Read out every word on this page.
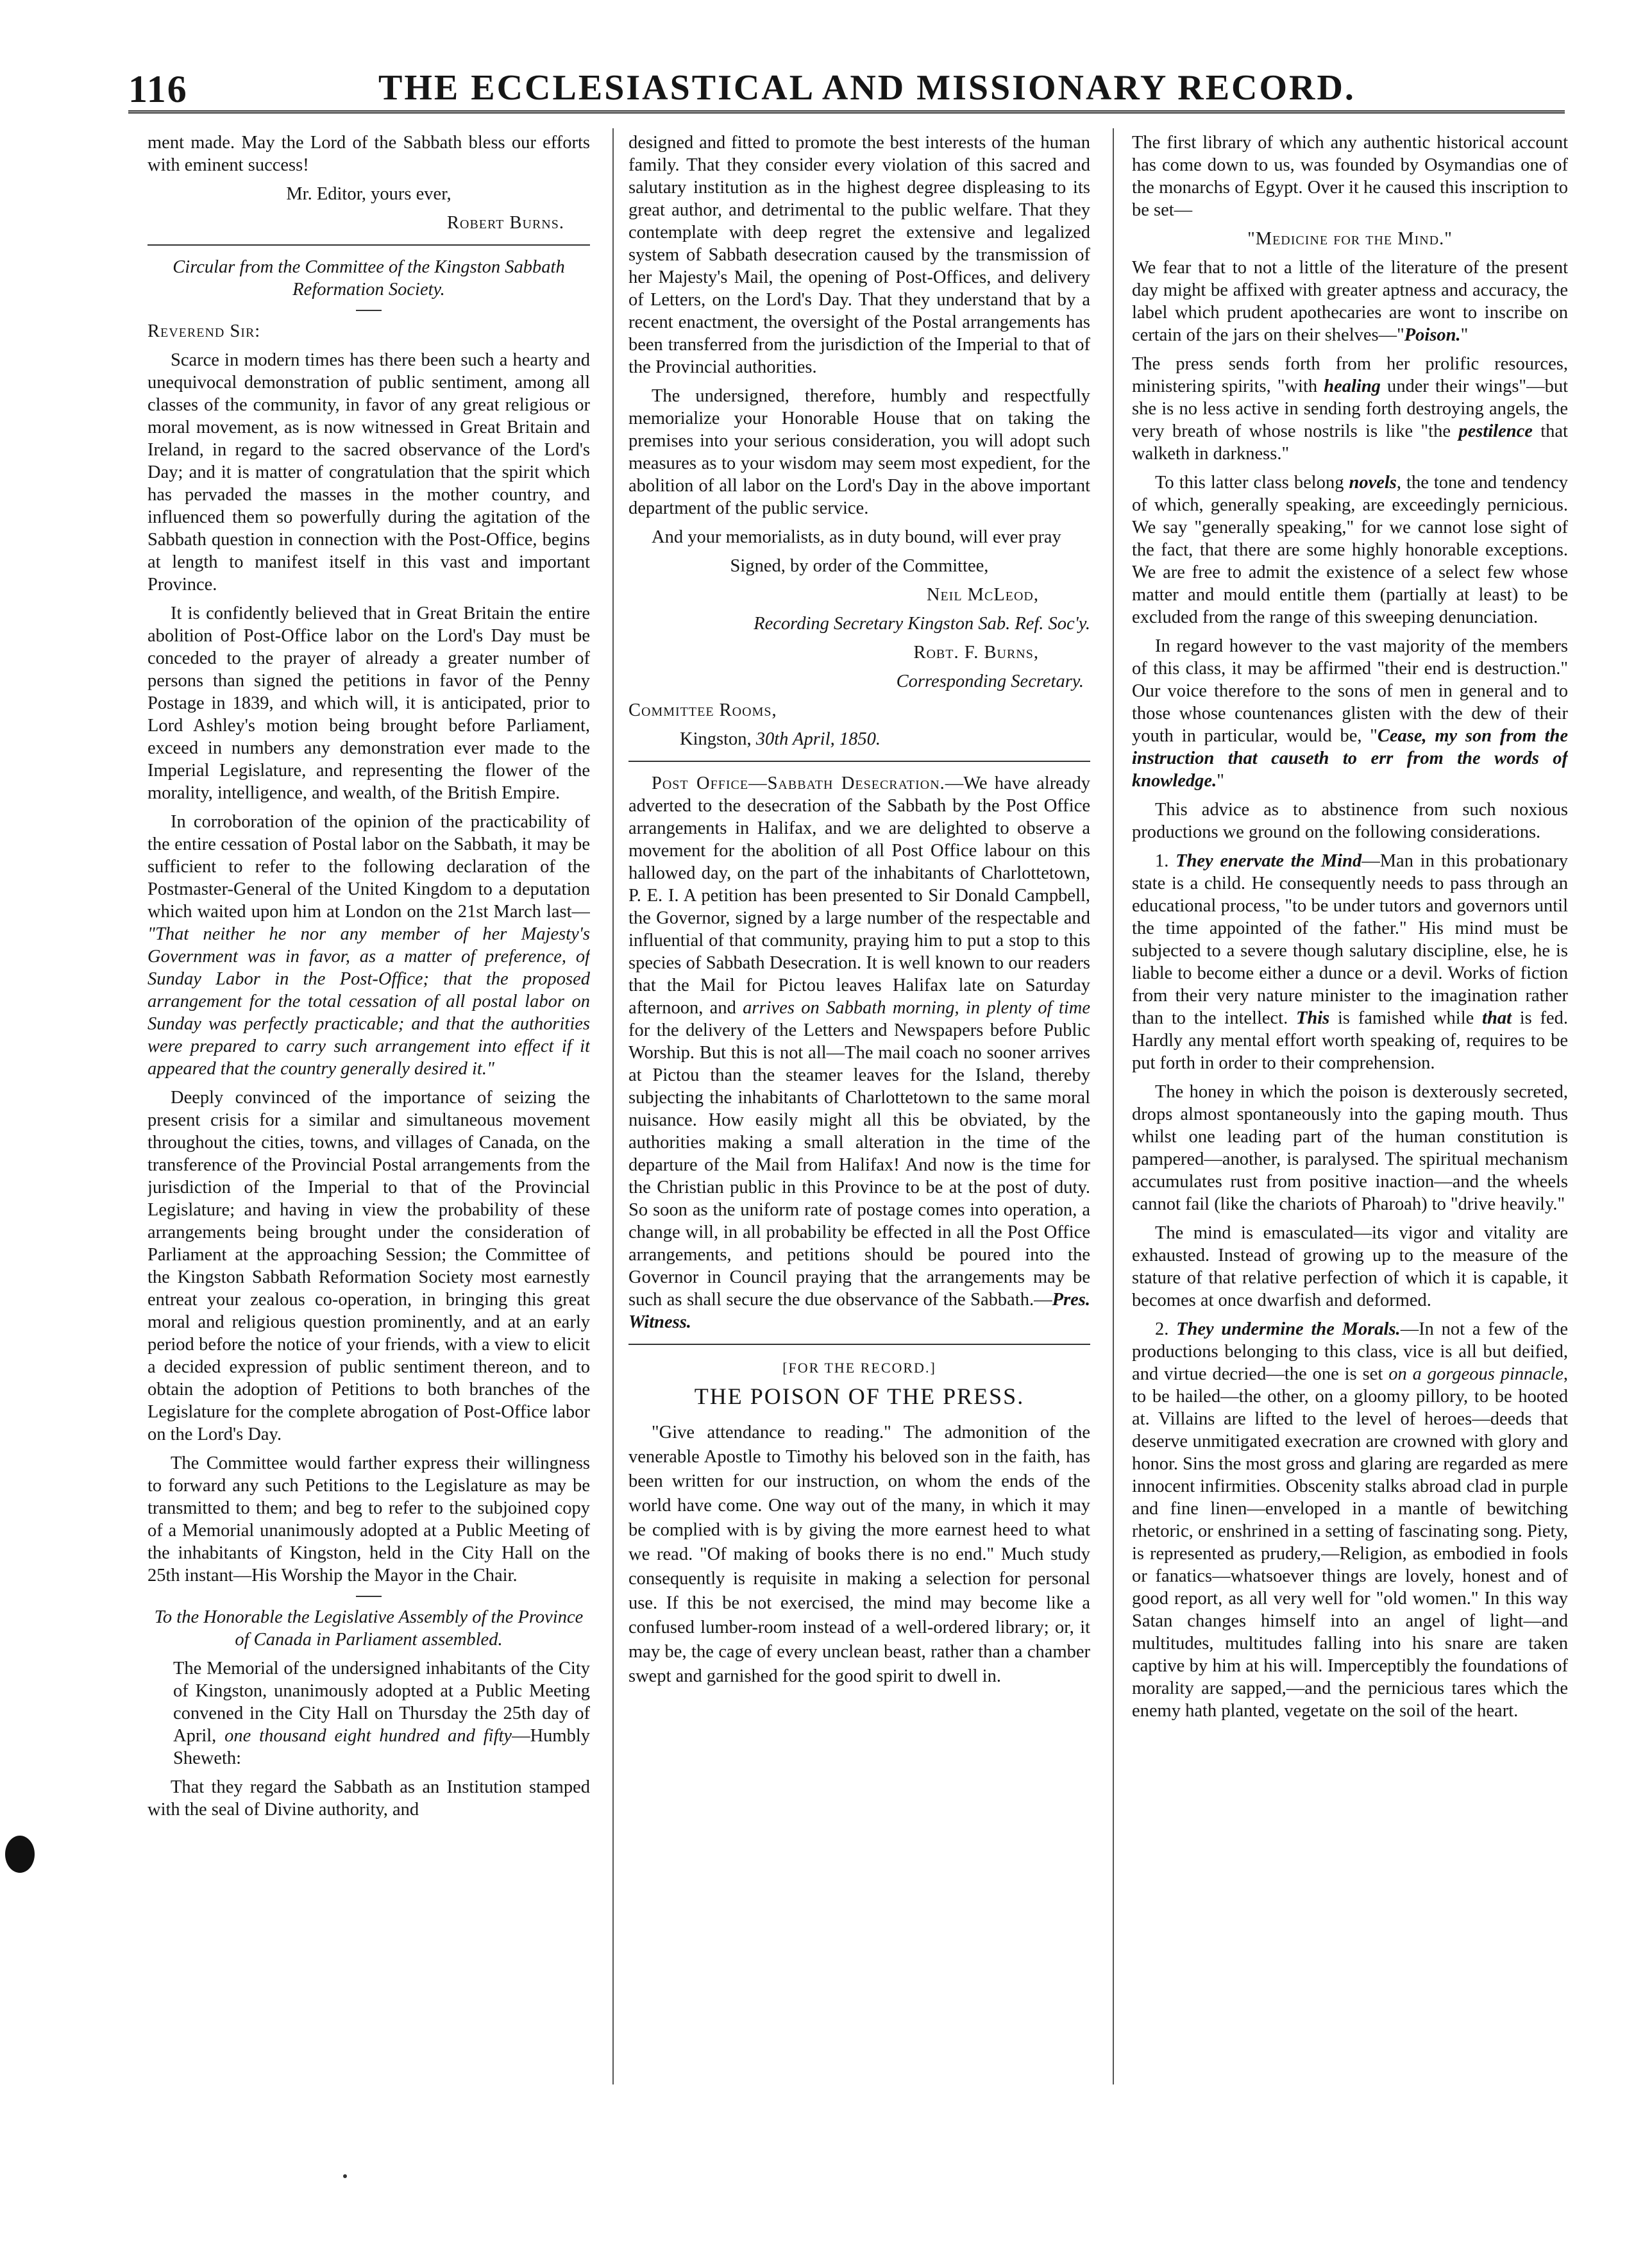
116	THE ECCLESIASTICAL AND MISSIONARY RECORD.

ment made. May the Lord of the Sabbath bless our efforts with eminent success!

Mr. Editor, yours ever,

Robert Burns.

Circular from the Committee of the Kingston Sabbath Reformation Society.

Reverend Sir:

Scarce in modern times has there been such a hearty and unequivocal demonstration of public sentiment, among all classes of the community, in favor of any great religious or moral movement, as is now witnessed in Great Britain and Ireland, in regard to the sacred observance of the Lord's Day; and it is matter of congratulation that the spirit which has pervaded the masses in the mother country, and influenced them so powerfully during the agitation of the Sabbath question in connection with the Post-Office, begins at length to manifest itself in this vast and important Province.

It is confidently believed that in Great Britain the entire abolition of Post-Office labor on the Lord's Day must be conceded to the prayer of already a greater number of persons than signed the petitions in favor of the Penny Postage in 1839, and which will, it is anticipated, prior to Lord Ashley's motion being brought before Parliament, exceed in numbers any demonstration ever made to the Imperial Legislature, and representing the flower of the morality, intelligence, and wealth, of the British Empire.

In corroboration of the opinion of the practicability of the entire cessation of Postal labor on the Sabbath, it may be sufficient to refer to the following declaration of the Postmaster-General of the United Kingdom to a deputation which waited upon him at London on the 21st March last— "That neither he nor any member of her Majesty's Government was in favor, as a matter of preference, of Sunday Labor in the Post-Office; that the proposed arrangement for the total cessation of all postal labor on Sunday was perfectly practicable; and that the authorities were prepared to carry such arrangement into effect if it appeared that the country generally desired it."

Deeply convinced of the importance of seizing the present crisis for a similar and simultaneous movement throughout the cities, towns, and villages of Canada, on the transference of the Provincial Postal arrangements from the jurisdiction of the Imperial to that of the Provincial Legislature; and having in view the probability of these arrangements being brought under the consideration of Parliament at the approaching Session; the Committee of the Kingston Sabbath Reformation Society most earnestly entreat your zealous co-operation, in bringing this great moral and religious question prominently, and at an early period before the notice of your friends, with a view to elicit a decided expression of public sentiment thereon, and to obtain the adoption of Petitions to both branches of the Legislature for the complete abrogation of Post-Office labor on the Lord's Day.

The Committee would farther express their willingness to forward any such Petitions to the Legislature as may be transmitted to them; and beg to refer to the subjoined copy of a Memorial unanimously adopted at a Public Meeting of the inhabitants of Kingston, held in the City Hall on the 25th instant—His Worship the Mayor in the Chair.

To the Honorable the Legislative Assembly of the Province of Canada in Parliament assembled.

The Memorial of the undersigned inhabitants of the City of Kingston, unanimously adopted at a Public Meeting convened in the City Hall on Thursday the 25th day of April, one thousand eight hundred and fifty—Humbly Sheweth:

That they regard the Sabbath as an Institution stamped with the seal of Divine authority, and

designed and fitted to promote the best interests of the human family. That they consider every violation of this sacred and salutary institution as in the highest degree displeasing to its great author, and detrimental to the public welfare. That they contemplate with deep regret the extensive and legalized system of Sabbath desecration caused by the transmission of her Majesty's Mail, the opening of Post-Offices, and delivery of Letters, on the Lord's Day. That they understand that by a recent enactment, the oversight of the Postal arrangements has been transferred from the jurisdiction of the Imperial to that of the Provincial authorities.

The undersigned, therefore, humbly and respectfully memorialize your Honorable House that on taking the premises into your serious consideration, you will adopt such measures as to your wisdom may seem most expedient, for the abolition of all labor on the Lord's Day in the above important department of the public service.

And your memorialists, as in duty bound, will ever pray

Signed, by order of the Committee,

Neil McLeod,

Recording Secretary Kingston Sab. Ref. Soc'y.

Robt. F. Burns,

Corresponding Secretary.

Committee Rooms,

Kingston, 30th April, 1850.

Post Office—Sabbath Desecration.—We have already adverted to the desecration of the Sabbath by the Post Office arrangements in Halifax, and we are delighted to observe a movement for the abolition of all Post Office labour on this hallowed day, on the part of the inhabitants of Charlottetown, P. E. I. A petition has been presented to Sir Donald Campbell, the Governor, signed by a large number of the respectable and influential of that community, praying him to put a stop to this species of Sabbath Desecration. It is well known to our readers that the Mail for Pictou leaves Halifax late on Saturday afternoon, and arrives on Sabbath morning, in plenty of time for the delivery of the Letters and Newspapers before Public Worship. But this is not all—The mail coach no sooner arrives at Pictou than the steamer leaves for the Island, thereby subjecting the inhabitants of Charlottetown to the same moral nuisance. How easily might all this be obviated, by the authorities making a small alteration in the time of the departure of the Mail from Halifax! And now is the time for the Christian public in this Province to be at the post of duty. So soon as the uniform rate of postage comes into operation, a change will, in all probability be effected in all the Post Office arrangements, and petitions should be poured into the Governor in Council praying that the arrangements may be such as shall secure the due observance of the Sabbath.—Pres. Witness.

[FOR THE RECORD.]

THE POISON OF THE PRESS.

"Give attendance to reading." The admonition of the venerable Apostle to Timothy his beloved son in the faith, has been written for our instruction, on whom the ends of the world have come. One way out of the many, in which it may be complied with is by giving the more earnest heed to what we read. "Of making of books there is no end." Much study consequently is requisite in making a selection for personal use. If this be not exercised, the mind may become like a confused lumber-room instead of a well-ordered library; or, it may be, the cage of every unclean beast, rather than a chamber swept and garnished for the good spirit to dwell in.

The first library of which any authentic historical account has come down to us, was founded by Osymandias one of the monarchs of Egypt. Over it he caused this inscription to be set—

"Medicine for the Mind."

We fear that to not a little of the literature of the present day might be affixed with greater aptness and accuracy, the label which prudent apothecaries are wont to inscribe on certain of the jars on their shelves—"Poison."

The press sends forth from her prolific resources, ministering spirits, "with healing under their wings"—but she is no less active in sending forth destroying angels, the very breath of whose nostrils is like "the pestilence that walketh in darkness."

To this latter class belong novels, the tone and tendency of which, generally speaking, are exceedingly pernicious. We say "generally speaking," for we cannot lose sight of the fact, that there are some highly honorable exceptions. We are free to admit the existence of a select few whose matter and mould entitle them (partially at least) to be excluded from the range of this sweeping denunciation.

In regard however to the vast majority of the members of this class, it may be affirmed "their end is destruction." Our voice therefore to the sons of men in general and to those whose countenances glisten with the dew of their youth in particular, would be, "Cease, my son from the instruction that causeth to err from the words of knowledge."

This advice as to abstinence from such noxious productions we ground on the following considerations.

1. They enervate the Mind—Man in this probationary state is a child. He consequently needs to pass through an educational process, "to be under tutors and governors until the time appointed of the father." His mind must be subjected to a severe though salutary discipline, else, he is liable to become either a dunce or a devil. Works of fiction from their very nature minister to the imagination rather than to the intellect. This is famished while that is fed. Hardly any mental effort worth speaking of, requires to be put forth in order to their comprehension.

The honey in which the poison is dexterously secreted, drops almost spontaneously into the gaping mouth. Thus whilst one leading part of the human constitution is pampered—another, is paralysed. The spiritual mechanism accumulates rust from positive inaction—and the wheels cannot fail (like the chariots of Pharoah) to "drive heavily."

The mind is emasculated—its vigor and vitality are exhausted. Instead of growing up to the measure of the stature of that relative perfection of which it is capable, it becomes at once dwarfish and deformed.

2. They undermine the Morals.—In not a few of the productions belonging to this class, vice is all but deified, and virtue decried—the one is set on a gorgeous pinnacle, to be hailed—the other, on a gloomy pillory, to be hooted at. Villains are lifted to the level of heroes—deeds that deserve unmitigated execration are crowned with glory and honor. Sins the most gross and glaring are regarded as mere innocent infirmities. Obscenity stalks abroad clad in purple and fine linen—enveloped in a mantle of bewitching rhetoric, or enshrined in a setting of fascinating song. Piety, is represented as prudery,—Religion, as embodied in fools or fanatics—whatsoever things are lovely, honest and of good report, as all very well for "old women." In this way Satan changes himself into an angel of light—and multitudes, multitudes falling into his snare are taken captive by him at his will. Imperceptibly the foundations of morality are sapped,—and the pernicious tares which the enemy hath planted, vegetate on the soil of the heart.
